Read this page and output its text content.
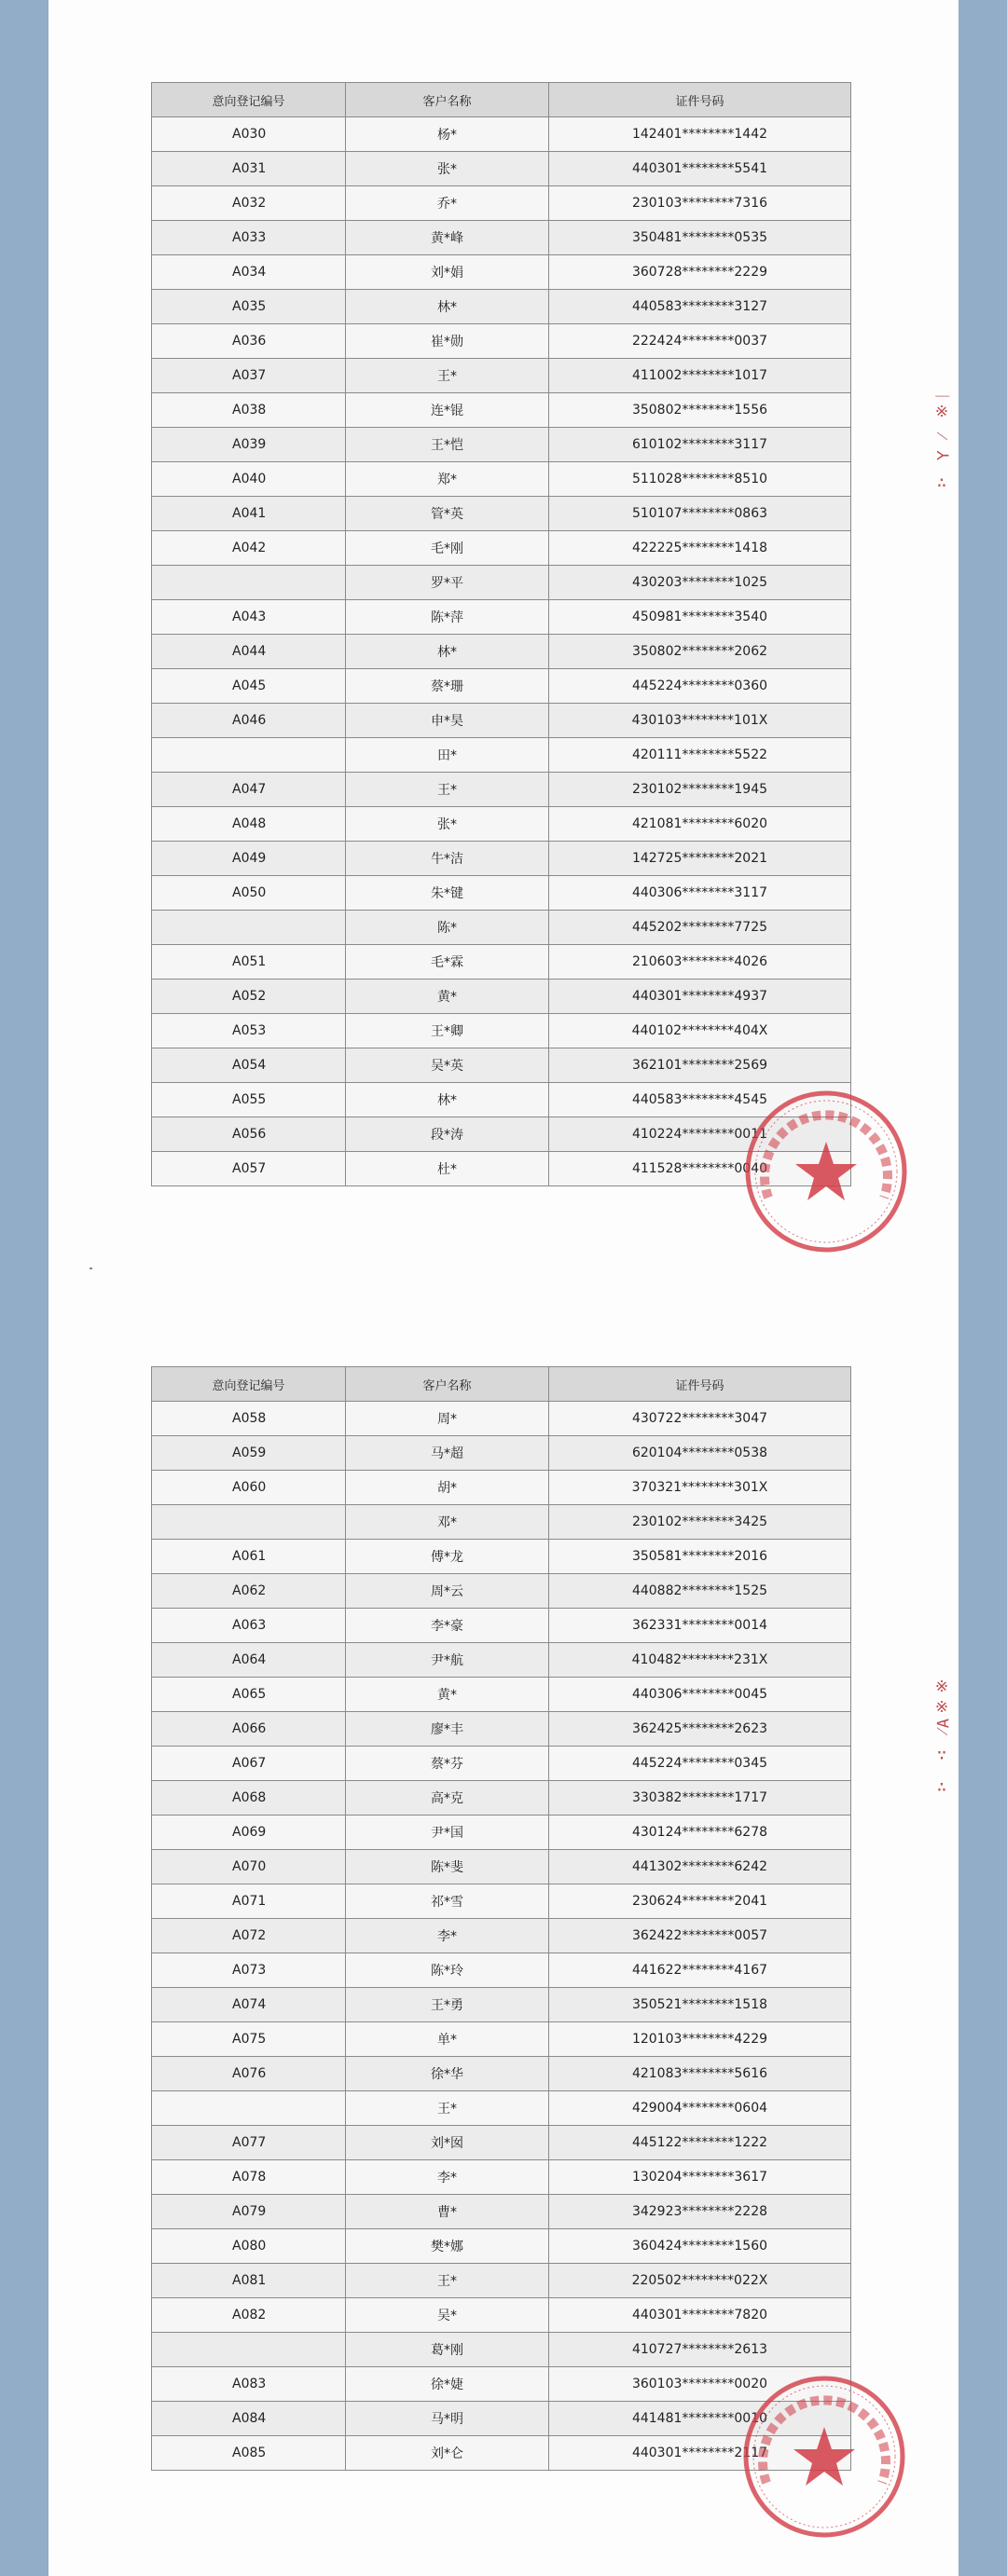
意向登记编号	客户名称	证件号码
A030	杨*	142401********1442
A031	张*	440301********5541
A032	乔*	230103********7316
A033	黄*峰	350481********0535
A034	刘*娟	360728********2229
A035	林*	440583********3127
A036	崔*勋	222424********0037
A037	王*	411002********1017
A038	连*锟	350802********1556
A039	王*恺	610102********3117
A040	郑*	511028********8510
A041	管*英	510107********0863
A042	毛*刚	422225********1418
	罗*平	430203********1025
A043	陈*萍	450981********3540
A044	林*	350802********2062
A045	蔡*珊	445224********0360
A046	申*昊	430103********101X
	田*	420111********5522
A047	王*	230102********1945
A048	张*	421081********6020
A049	牛*洁	142725********2021
A050	朱*键	440306********3117
	陈*	445202********7725
A051	毛*霖	210603********4026
A052	黄*	440301********4937
A053	王*卿	440102********404X
A054	吴*英	362101********2569
A055	林*	440583********4545
A056	段*涛	410224********0011
A057	杜*	411528********0040
意向登记编号	客户名称	证件号码
A058	周*	430722********3047
A059	马*超	620104********0538
A060	胡*	370321********301X
	邓*	230102********3425
A061	傅*龙	350581********2016
A062	周*云	440882********1525
A063	李*豪	362331********0014
A064	尹*航	410482********231X
A065	黄*	440306********0045
A066	廖*丰	362425********2623
A067	蔡*芬	445224********0345
A068	高*克	330382********1717
A069	尹*国	430124********6278
A070	陈*斐	441302********6242
A071	祁*雪	230624********2041
A072	李*	362422********0057
A073	陈*玲	441622********4167
A074	王*勇	350521********1518
A075	单*	120103********4229
A076	徐*华	421083********5616
	王*	429004********0604
A077	刘*囡	445122********1222
A078	李*	130204********3617
A079	曹*	342923********2228
A080	樊*娜	360424********1560
A081	王*	220502********022X
A082	吴*	440301********7820
	葛*刚	410727********2613
A083	徐*婕	360103********0020
A084	马*明	441481********0010
A085	刘*仑	440301********2117
ᛁ※ ⁄ ⅄ ∴
※※∀⁄ ∵ ∴
